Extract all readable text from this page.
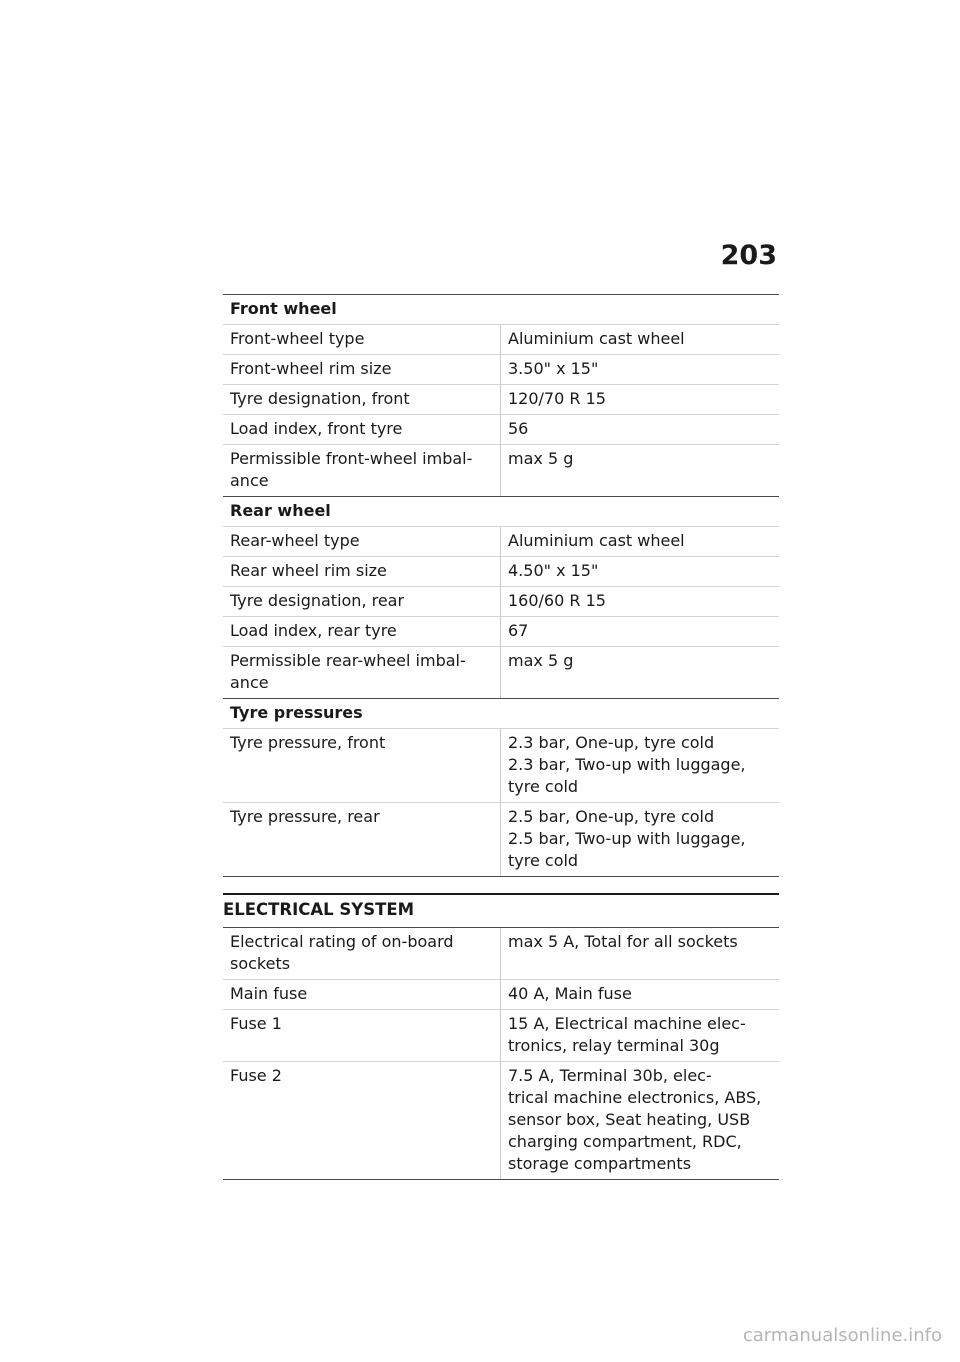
203
Front wheel	
Front-wheel type	Aluminium cast wheel

Front-wheel rim size	3.50" x 15"

Tyre designation, front	120/70 R 15

Load index, front tyre	56

Permissible front-wheel imbal-
ance	max 5 g

Rear wheel	
Rear-wheel type	Aluminium cast wheel

Rear wheel rim size	4.50" x 15"

Tyre designation, rear	160/60 R 15

Load index, rear tyre	67

Permissible rear-wheel imbal-
ance	max 5 g

Tyre pressures	
Tyre pressure, front	2.3 bar, One-up, tyre cold
2.3 bar, Two-up with luggage, tyre cold

Tyre pressure, rear	2.5 bar, One-up, tyre cold
2.5 bar, Two-up with luggage, tyre cold
ELECTRICAL SYSTEM
Electrical rating of on-board sockets	max 5 A, Total for all sockets

Main fuse	40 A, Main fuse

Fuse 1	15 A, Electrical machine elec-
tronics, relay terminal 30g

Fuse 2	7.5 A, Terminal 30b, elec-
trical machine electronics, ABS, sensor box, Seat heating, USB charging compartment, RDC, storage compartments
carmanualsonline.info
